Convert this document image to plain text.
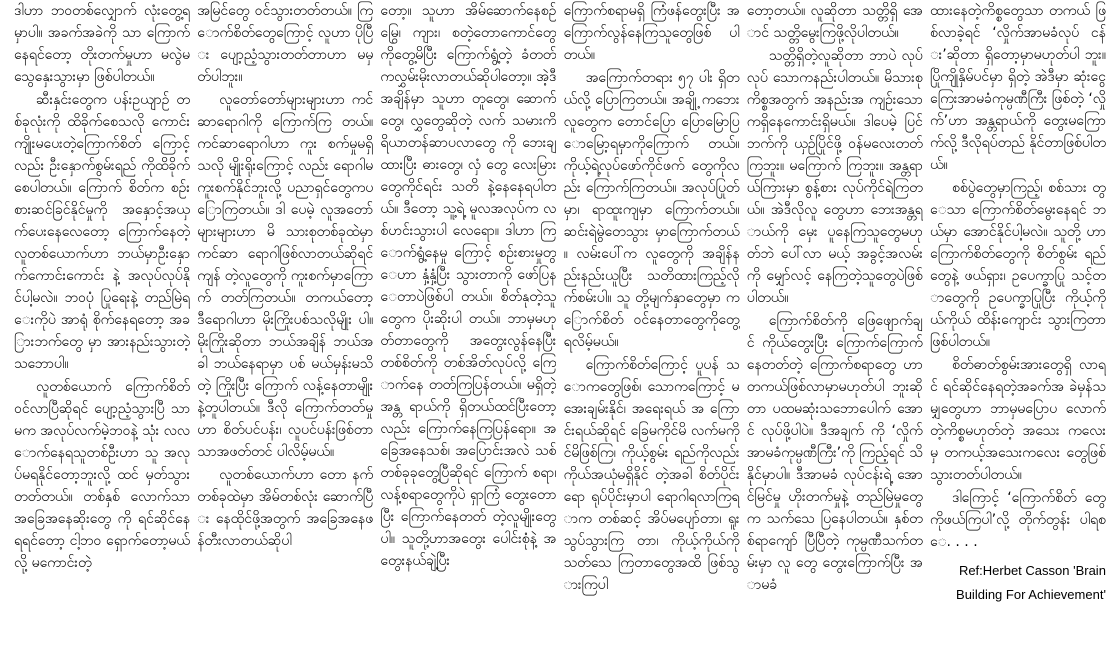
ဒါဟာ ဘဝတစ်လျှောက် လုံးတွေ့ရမှာပါ။ အခက်အခဲကို သာ ကြောက်နေရင်တော့ တိုးတက်မှုဟာ မလွဲမသွေနှေးသွားမှာ ဖြစ်ပါတယ်။

ဆီးနှင်းတွေက ပန်းဥယျာဉ် တစ်ခုလုံးကို ထိခိုက်စေသလို ကောင်းကျိုးမပေးတဲ့ကြောက်စိတ် ကြောင့်လည်း ဦးနှောက်စွမ်းရည် ကိုထိခိုက်စေပါတယ်။ ကြောက် စိတ်က စဉ်းစားဆင်ခြင်နိုင်မှုကို အနှောင့်အယှက်ပေးနေလေတော့ ကြောက်နေတဲ့ လူတစ်ယောက်ဟာ ဘယ်မှာဦးနှောက်ကောင်းကောင်း နဲ့ အလုပ်လုပ်နိုင်ပါ့မလဲ။ ဘဝပုံ ပြုရေးနဲ့ တည်မြဲရေးကိုပဲ အာရုံ စိုက်နေရတော့ အခြားဘက်တွေ မှာ အားနည်းသွားတဲ့သဘောပါ။

လူတစ်ယောက် ကြောက်စိတ် ဝင်လာပြီဆိုရင် ပျော့ညံ့သွားပြီ သာမက အလုပ်လက်မဲ့ဘဝနဲ့ သုံး လလောက်နေရသူတစ်ဦးဟာ သူ အလုပ်မရနိုင်တော့ဘူးလို့ ထင် မှတ်သွားတတ်တယ်။ တစ်နှစ် လောက်သာ အခြေအနေဆိုးတွေ ကို ရင်ဆိုင်နေရရင်တော့ ငါ့ဘဝ ရှောက်တော့မယ်လို့ မကောင်းတဲ့

အမြင်တွေ ဝင်သွားတတ်တယ်။ ကြောက်စိတ်တွေကြောင့် လူဟာ ပိုပြီး ပျော့ညံ့သွားတတ်တာဟာ မမှတ်ပါဘူး။

လူတော်တော်များများဟာ ကင်ဆာရောဂါကို ကြောက်ကြ တယ်။ ကင်ဆာရောဂါဟာ ကူး စက်မှုမရှိသလို မျိုးရိုးကြောင့် လည်း ရောဂါမကူးစက်နိုင်ဘူးလို့ ပညာရှင်တွေကပြောကြတယ်။ ဒါ ပေမဲ့ လူအတော်များများဟာ မိ သားစုတစ်ခုထဲမှာ ကင်ဆာ ရောဂါဖြစ်လာတယ်ဆိုရင် ကျန် တဲ့လူတွေကို ကူးစက်မှာကြောက် တတ်ကြတယ်။ တကယ်တော့ ဒီရောဂါဟာ မိုးကြိုးပစ်သလိုမျိုး ပါ။ မိုးကြိုးဆိုတာ ဘယ်အချိန် ဘယ်အခါ ဘယ်နေရာမှာ ပစ် မယ်မှန်းမသိတဲ့ ကြိုးပြီး ကြောက် လန့်နေတာမျိုးနဲ့တူပါတယ်။ ဒီလို ကြောက်တတ်မှုဟာ စိတ်ပင်ပန်း၊ လူပင်ပန်းဖြစ်တာသာအဖတ်တင် ပါလိမ့်မယ်။

လူတစ်ယောက်ဟာ တော နက်တစ်ခုထဲမှာ အိမ်တစ်လုံး ဆောက်ပြီး နေထိုင်ဖို့အတွက် အခြေအနေဖန်တီးလာတယ်ဆိုပါ

တော့။ သူဟာ အိမ်ဆောက်နေစဉ် မြွေ၊ ကျား၊ စတဲ့တောကောင်တွေ ကိုတွေ့မိပြီး ကြောက်ရွံ့တဲ့ ခံတတ် ကလွှမ်းမိုးလာတယ်ဆိုပါတော့။ အဲ့ဒီအချိန်မှာ သူဟာ တူတွေ၊ ဆောက်တွေ၊ လွှတွေဆိုတဲ့ လက် သမားကိရိယာတန်ဆာပလာတွေ ကို ဘေးချထားပြီး ဓားတွေ၊ လှံ တွေ လေးမြားတွေကိုင်ရင်း သတိ နဲ့နေနေရပါတယ်။ ဒီတော့ သူ့ရဲ့ မူလအလုပ်က လစ်ဟင်းသွားပါ လေရော။ ဒါဟာ ကြောက်ရွံ့နေမှု ကြောင့် စဉ်းစားမှုတွေဟာ နှံ့နှံ့ပြီး သွားတာကို ဖော်ပြနေတာပဲဖြစ်ပါ တယ်။ စိတ်နုတဲ့သူတွေက ပိုးဆိုးပါ တယ်။ ဘာမှမဟုတ်တာတွေကို အတွေးလွန်နေပြီး တစ်စိတ်ကို တစ်အိတ်လုပ်လို့ ကြောက်နေ တတ်ကြပြန်တယ်။ မရှိတဲ့အန္တ ရာယ်ကို ရှိတယ်ထင်ပြီးတော့ လည်း ကြောက်နေကြပြန်ရော။ အခြေအနေသစ်၊ အပြောင်းအလဲ သစ်တစ်ခုခုတွေ့ပြီဆိုရင် ကြောက် စရာ၊ လန့်စရာတွေကိုပဲ ရှာကြံ တွေးတောပြီး ကြောက်နေတတ် တဲ့လူမျိုးတွေပါ။ သူတို့ဟာအတွေး ပေါင်းစုံနဲ့ အတွေးနယ်ချဲ့ပြီး

ကြောက်စရာမရှိ ကြံဖန်တွေးပြီး အကြောက်လွန်နေကြသူတွေဖြစ် ပါတယ်။

အကြောက်တရား ၅၇ ပါး ရှိတယ်လို့ ပြောကြတယ်။ အချို့ ကဘေးလူတွေက တောင်ပြော ပြောမြောပြောမြော့ရမှာကိုကြောက် တယ်။ ကိုယ့်ရဲ့လုပ်ဖော်ကိုင်ဖက် တွေကိုလည်း ကြောက်ကြတယ်။ အလုပ်ပြုတ်မှာ၊ ရာထူးကျမှာ ကြောက်တယ်။ ဆင်းရဲမွဲတေသွား မှာကြောက်တယ်။ လမ်းပေါ်က လူတွေကို အချိန်နည်းနည်းယူပြီး သတိထားကြည့်လိုက်စမ်းပါ။ သူ တို့မျက်နှာတွေမှာ ကြောက်စိတ် ဝင်နေတာတွေကိုတွေ့ရလိမ့်မယ်။

ကြောက်စိတ်ကြောင့် ပူပန် သောကတွေဖြစ်၊ သောကကြောင့် မအေးချမ်းနိုင်၊ အရေးရယ် အ ကြောင်းရယ်ဆိုရင် ခြေမကိုင်မိ လက်မကိုင်မိဖြစ်ကြ၊ ကိုယ့်စွမ်း ရည်ကိုလည်း ကိုယ်အယုံမရှိနိုင် တဲ့အခါ စိတ်ပိုင်းရော ရုပ်ပိုင်းမှာပါ ရောဂါရလာကြရာက တစ်ဆင့် အိပ်မပျော်တာ၊ ရူးသွပ်သွားကြ တာ၊ ကိုယ့်ကိုယ်ကို သတ်သေ ကြတာတွေအထိ ဖြစ်သွားကြပါ

တော့တယ်။ လူဆိုတာ သတ္တိရှိ အောင် သတ္တိမွေးကြဖို့လိုပါတယ်။

သတ္တိရှိတဲ့လူဆိုတာ ဘာပဲ လုပ်လုပ် သောကနည်းပါတယ်။ မိသားစုကိစ္စအတွက် အနည်းအ ကျဉ်းသောကရှိနေကောင်းရှိမယ်။ ဒါပေမဲ့ ပြင်ဘက်ကို ယှဉ်ပြိုင်ဖို့ ဝန်မလေးတတ်ကြဘူး။ မကြောက် ကြဘူး။ အန္တရာယ်ကြားမှာ စွန့်စား လုပ်ကိုင်ရဲကြတယ်။ အဲဒီလိုလူ တွေဟာ ဘေးအန္တရာယ်ကို မှေး ပူနေကြသူတွေမဟုတ်ဘဲ ပေါ်လာ မယ့် အခွင့်အလမ်းကို မျှော်လင့် နေကြတဲ့သူတွေပဲဖြစ်ပါတယ်။

ကြောက်စိတ်ကို ဖြေဖျောက်ချင် ကိုယ်တွေးပြီး ကြောက်ကြောက် နေတတ်တဲ့ ကြောက်စရာတွေ ဟာ တကယ်ဖြစ်လာမှာမဟုတ်ပါ ဘူးဆိုတာ ပထမဆုံးသဘောပေါက် အောင် လုပ်ဖို့ပါပဲ။ ဒီအချက် ကို ‘လှိုက်အာမခံကုမ္ပဏီကြီး’ကို ကြည့်ရင် သိနိုင်မှာပါ။ ဒီအာမခံ လုပ်ငန်းရဲ့ အောင်မြင်မှု ဟိုးတက်မှုနဲ့ တည်မြဲမှုတွေက သက်သေ ပြနေပါတယ်။ နှစ်တစ်ရာကျော် ပြီပြီတဲ့ ကုမ္ပဏီသက်တမ်းမှာ လူ တွေ တွေးကြောက်ပြီး အာမခံ

ထားနေတဲ့ကိစ္စတွေသာ တကယ် ဖြစ်လာခဲ့ရင် ‘လှိုက်အာမခံလုပ် ငန်း’ဆိုတာ ရှိတော့မှာမဟုတ်ပါ ဘူး။ ပြိုကျိုနှိမ်ပင်မှာ ရှိတဲ့ အဲဒီမှာ ဆုံးငွေကြေးအာမခံကုမ္ပဏီကြီး ဖြစ်တဲ့ ‘လှိုက်’ဟာ အန္တရာယ်ကို တွေးမကြောက်လို့ ဒီလိုရပ်တည် နိုင်တာဖြစ်ပါတယ်။

စစ်ပွဲတွေမှာကြည့်၊ စစ်သား တွေသာ ကြောက်စိတ်မွေးနေရင် ဘယ်မှာ အောင်နိုင်ပါ့မလဲ။ သူတို့ ဟာ ကြောက်စိတ်တွေကို စိတ်စွမ်း ရည်တွေနဲ့ ဖယ်ရှား၊ ဥပေက္ခာပြု သင့်တာတွေကို ဥပေက္ခာပြုပြီး ကိုယ့်ကိုယ်ကိုယ် ထိန်းကျောင်း သွားကြတာ ဖြစ်ပါတယ်။

စိတ်ဓာတ်စွမ်းအားတွေရှိ လာရင် ရင်ဆိုင်နေရတဲ့အခက်အ ခဲမှန်သမျှတွေဟာ ဘာမှမပြောပ လောက်တဲ့ကိစ္စမဟုတ်တဲ့ အသေး ကလေးမှ တကယ့်အသေးကလေး တွေဖြစ်သွားတတ်ပါတယ်။

ဒါကြောင့် ‘ကြောက်စိတ် တွေကိုဖယ်ကြပါ’လို့ တိုက်တွန်း ပါရစေ. . . .

Ref:Herbet Casson 'Brain Building For Achievement'
